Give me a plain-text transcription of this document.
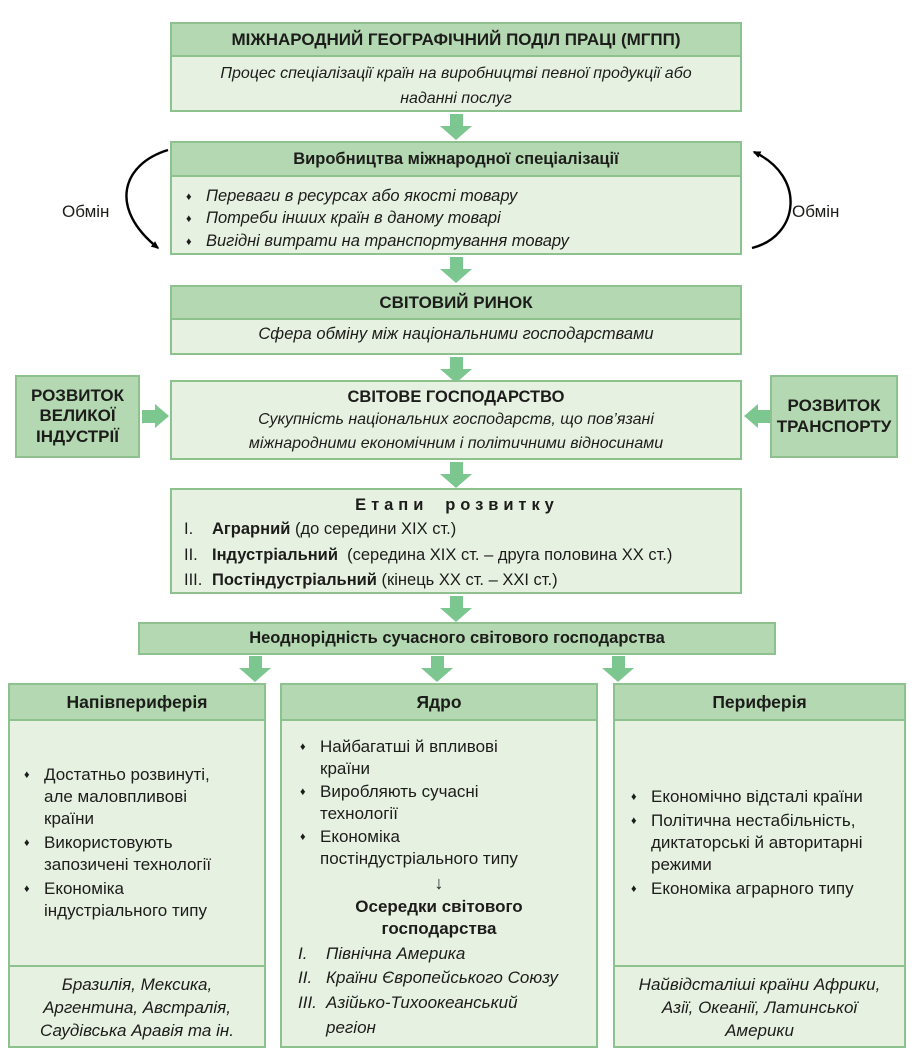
МІЖНАРОДНИЙ ГЕОГРАФІЧНИЙ ПОДІЛ ПРАЦІ (МГПП)
Процес спеціалізації країн на виробництві певної продукції або наданні послуг
Виробництва міжнародної спеціалізації
♦ Переваги в ресурсах або якості товару
♦ Потреби інших країн в даному товарі
♦ Вигідні витрати на транспортування товару
Обмін	Обмін
СВІТОВИЙ РИНОК
Сфера обміну між національними господарствами
РОЗВИТОК ВЕЛИКОЇ ІНДУСТРІЇ
СВІТОВЕ ГОСПОДАРСТВО
Сукупність національних господарств, що пов’язані міжнародними економічним і політичними відносинами
РОЗВИТОК ТРАНСПОРТУ
Етапи розвитку
I.	Аграрний (до середини XIX ст.)
II. Індустріальний (середина XIX ст. – друга половина XX ст.)
III. Постіндустріальний (кінець XX ст. – XXI ст.)
Неоднорідність сучасного світового господарства
Напівпериферія
♦ Достатньо розвинуті, але маловпливові країни
♦ Використовують запозичені технології
♦ Економіка індустріального типу
Бразилія, Мексика, Аргентина, Австралія, Саудівська Аравія та ін.
Ядро
♦ Найбагатші й впливові країни
♦ Виробляють сучасні технології
♦ Економіка постіндустріального типу
↓
Осередки світового господарства
I.	Північна Америка
II. Країни Європейського Союзу
III. Азійько-Тихоокеанський регіон
Периферія
♦ Економічно відсталі країни
♦ Політична нестабільність, диктаторські й авторитарні режими
♦ Економіка аграрного типу
Найвідсталіші країни Африки, Азії, Океанії, Латинської Америки
